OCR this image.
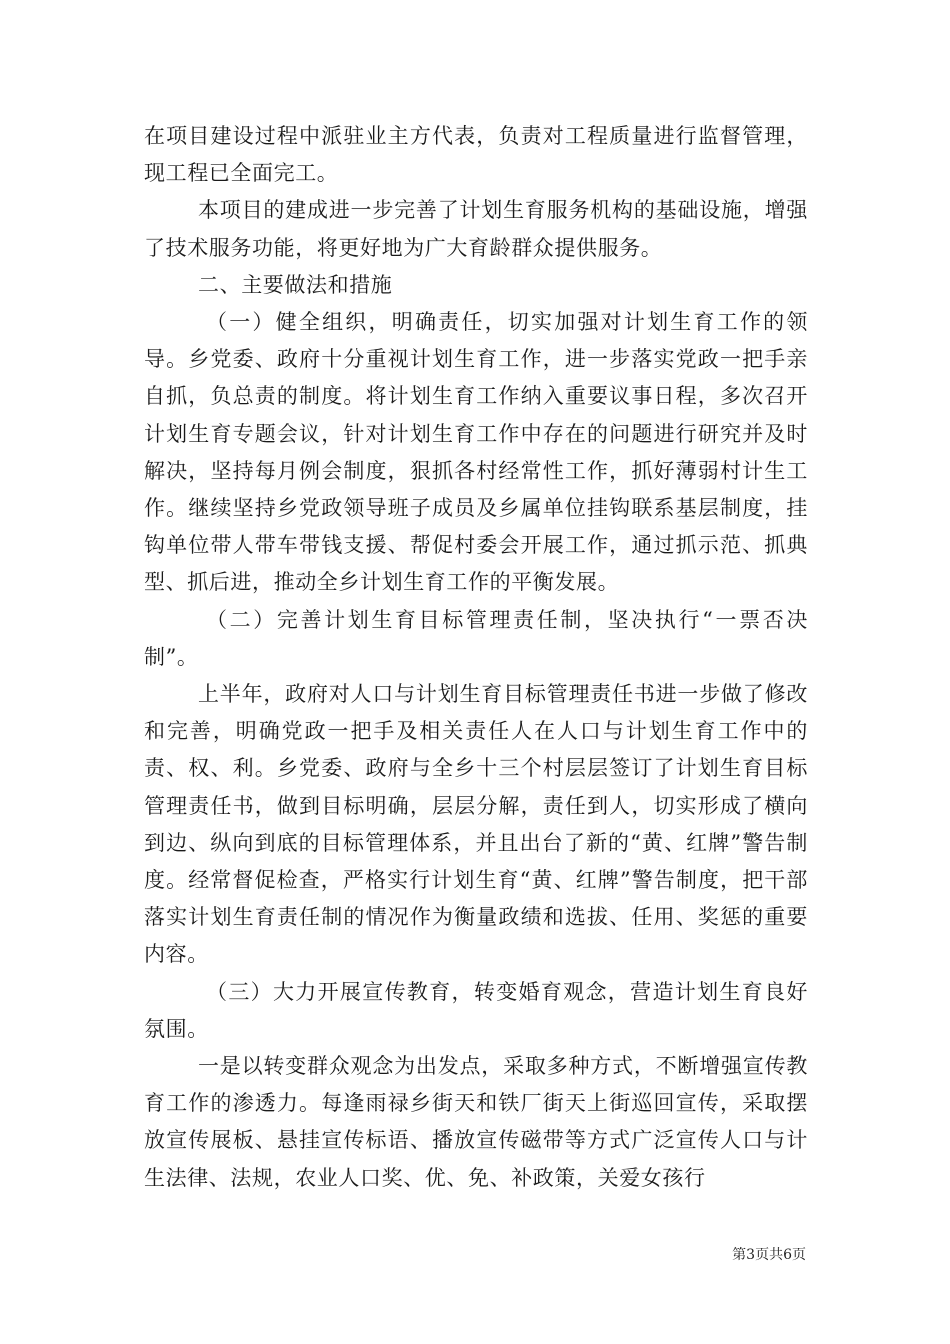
在项目建设过程中派驻业主方代表，负责对工程质量进行监督管理，现工程已全面完工。

本项目的建成进一步完善了计划生育服务机构的基础设施，增强了技术服务功能，将更好地为广大育龄群众提供服务。

二、主要做法和措施

（一）健全组织，明确责任，切实加强对计划生育工作的领导。乡党委、政府十分重视计划生育工作，进一步落实党政一把手亲自抓，负总责的制度。将计划生育工作纳入重要议事日程，多次召开计划生育专题会议，针对计划生育工作中存在的问题进行研究并及时解决，坚持每月例会制度，狠抓各村经常性工作，抓好薄弱村计生工作。继续坚持乡党政领导班子成员及乡属单位挂钩联系基层制度，挂钩单位带人带车带钱支援、帮促村委会开展工作，通过抓示范、抓典型、抓后进，推动全乡计划生育工作的平衡发展。

（二）完善计划生育目标管理责任制，坚决执行“一票否决制”。

上半年，政府对人口与计划生育目标管理责任书进一步做了修改和完善，明确党政一把手及相关责任人在人口与计划生育工作中的责、权、利。乡党委、政府与全乡十三个村层层签订了计划生育目标管理责任书，做到目标明确，层层分解，责任到人，切实形成了横向到边、纵向到底的目标管理体系，并且出台了新的“黄、红牌”警告制度。经常督促检查，严格实行计划生育“黄、红牌”警告制度，把干部落实计划生育责任制的情况作为衡量政绩和选拔、任用、奖惩的重要内容。

（三）大力开展宣传教育，转变婚育观念，营造计划生育良好氛围。

一是以转变群众观念为出发点，采取多种方式，不断增强宣传教育工作的渗透力。每逢雨禄乡街天和铁厂街天上街巡回宣传，采取摆放宣传展板、悬挂宣传标语、播放宣传磁带等方式广泛宣传人口与计生法律、法规，农业人口奖、优、免、补政策，关爱女孩行

第3页共6页
